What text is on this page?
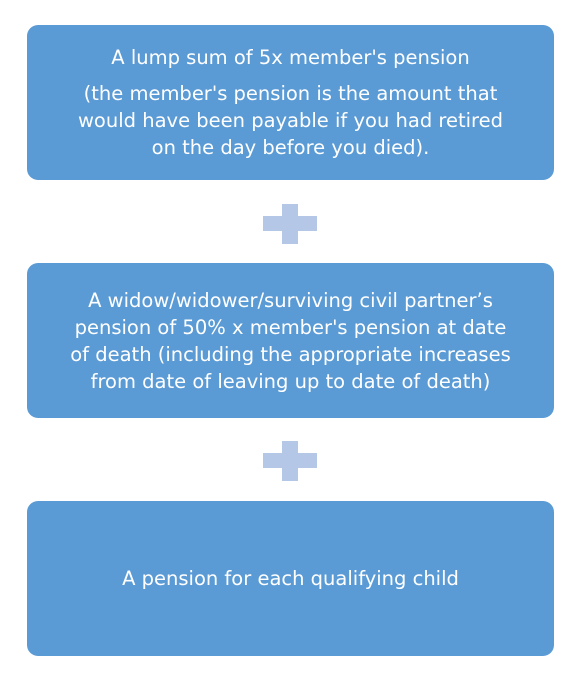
A lump sum of 5x member's pension
(the member's pension is the amount that
would have been payable if you had retired
on the day before you died).
A widow/widower/surviving civil partner’s
pension of 50% x member's pension at date
of death (including the appropriate increases
from date of leaving up to date of death)
A pension for each qualifying child
